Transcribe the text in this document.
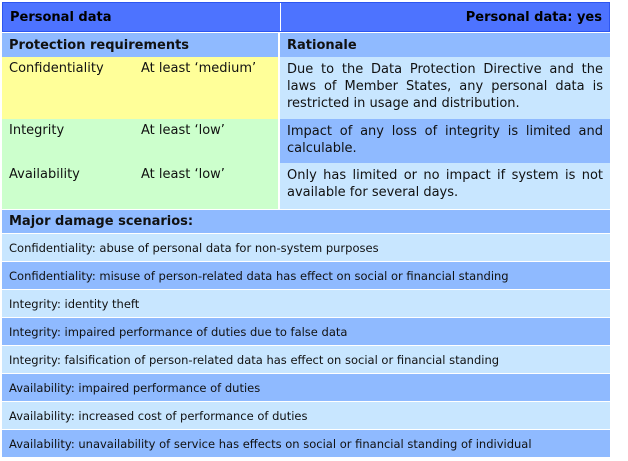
Personal data	Personal data: yes
Protection requirements	Rationale
Confidentiality	At least ‘medium’	Due to the Data Protection Directive and the laws of Member States, any personal data is restricted in usage and distribution.
Integrity	At least ‘low’	Impact of any loss of integrity is limited and calculable.
Availability	At least ‘low’	Only has limited or no impact if system is not available for several days.
Major damage scenarios:
Confidentiality: abuse of personal data for non-system purposes
Confidentiality: misuse of person-related data has effect on social or financial standing
Integrity: identity theft
Integrity: impaired performance of duties due to false data
Integrity: falsification of person-related data has effect on social or financial standing
Availability: impaired performance of duties
Availability: increased cost of performance of duties
Availability: unavailability of service has effects on social or financial standing of individual
